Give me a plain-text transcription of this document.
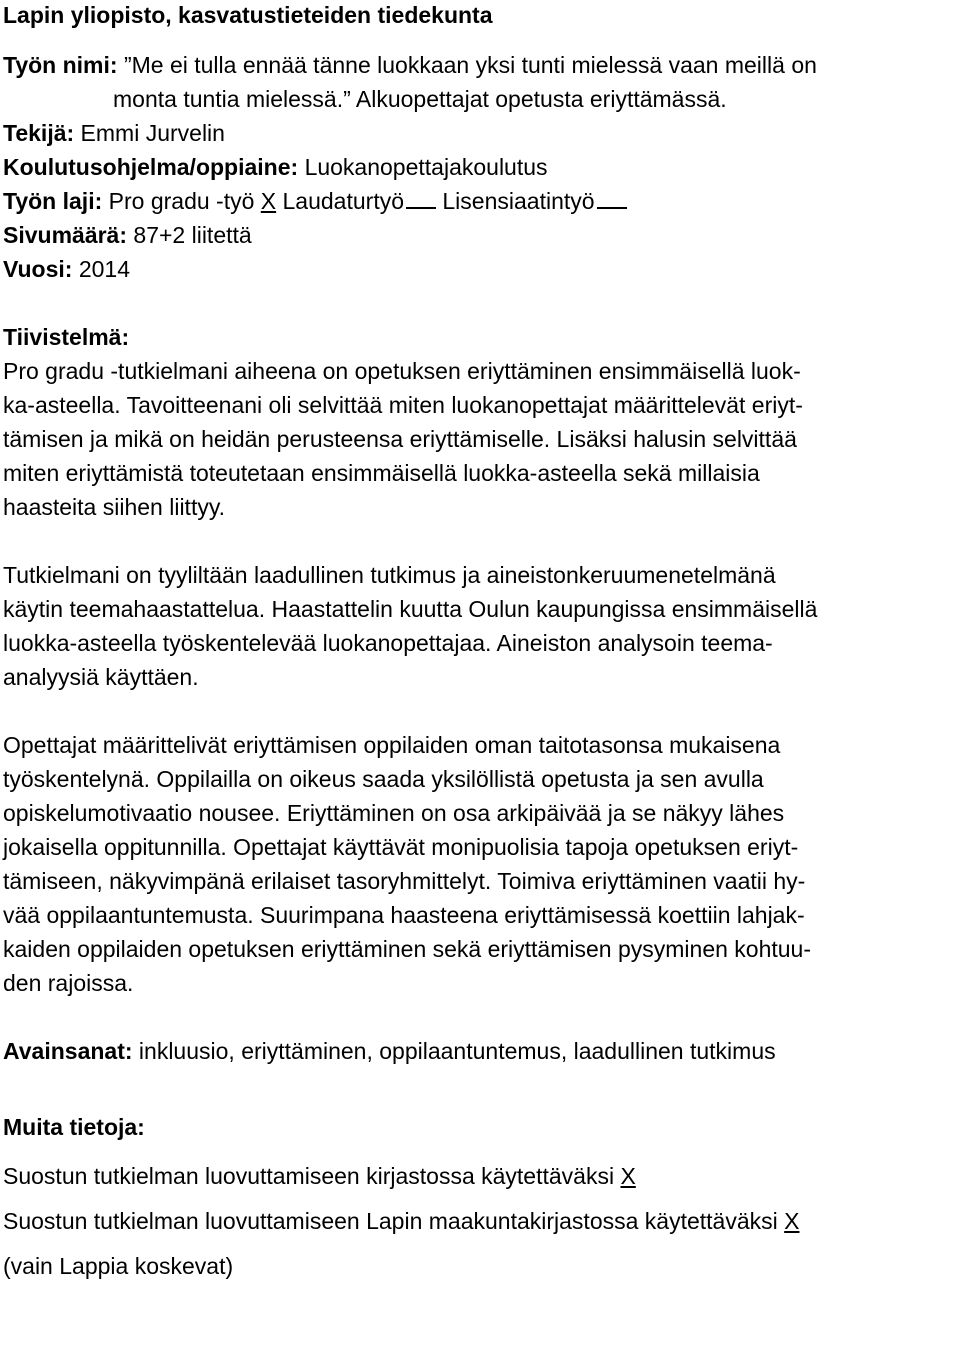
Lapin yliopisto, kasvatustieteiden tiedekunta
Työn nimi: ”Me ei tulla ennää tänne luokkaan yksi tunti mielessä vaan meillä on
monta tuntia mielessä.” Alkuopettajat opetusta eriyttämässä.
Tekijä: Emmi Jurvelin
Koulutusohjelma/oppiaine: Luokanopettajakoulutus
Työn laji: Pro gradu -työ X Laudaturtyö Lisensiaatintyö
Sivumäärä: 87+2 liitettä
Vuosi: 2014
Tiivistelmä:
Pro gradu -tutkielmani aiheena on opetuksen eriyttäminen ensimmäisellä luok-
ka-asteella. Tavoitteenani oli selvittää miten luokanopettajat määrittelevät eriyt-
tämisen ja mikä on heidän perusteensa eriyttämiselle. Lisäksi halusin selvittää
miten eriyttämistä toteutetaan ensimmäisellä luokka-asteella sekä millaisia
haasteita siihen liittyy.
Tutkielmani on tyyliltään laadullinen tutkimus ja aineistonkeruumenetelmänä
käytin teemahaastattelua. Haastattelin kuutta Oulun kaupungissa ensimmäisellä
luokka-asteella työskentelevää luokanopettajaa. Aineiston analysoin teema-
analyysiä käyttäen.
Opettajat määrittelivät eriyttämisen oppilaiden oman taitotasonsa mukaisena
työskentelynä. Oppilailla on oikeus saada yksilöllistä opetusta ja sen avulla
opiskelumotivaatio nousee. Eriyttäminen on osa arkipäivää ja se näkyy lähes
jokaisella oppitunnilla. Opettajat käyttävät monipuolisia tapoja opetuksen eriyt-
tämiseen, näkyvimpänä erilaiset tasoryhmittelyt. Toimiva eriyttäminen vaatii hy-
vää oppilaantuntemusta. Suurimpana haasteena eriyttämisessä koettiin lahjak-
kaiden oppilaiden opetuksen eriyttäminen sekä eriyttämisen pysyminen kohtuu-
den rajoissa.
Avainsanat: inkluusio, eriyttäminen, oppilaantuntemus, laadullinen tutkimus
Muita tietoja:
Suostun tutkielman luovuttamiseen kirjastossa käytettäväksi X
Suostun tutkielman luovuttamiseen Lapin maakuntakirjastossa käytettäväksi X
(vain Lappia koskevat)
